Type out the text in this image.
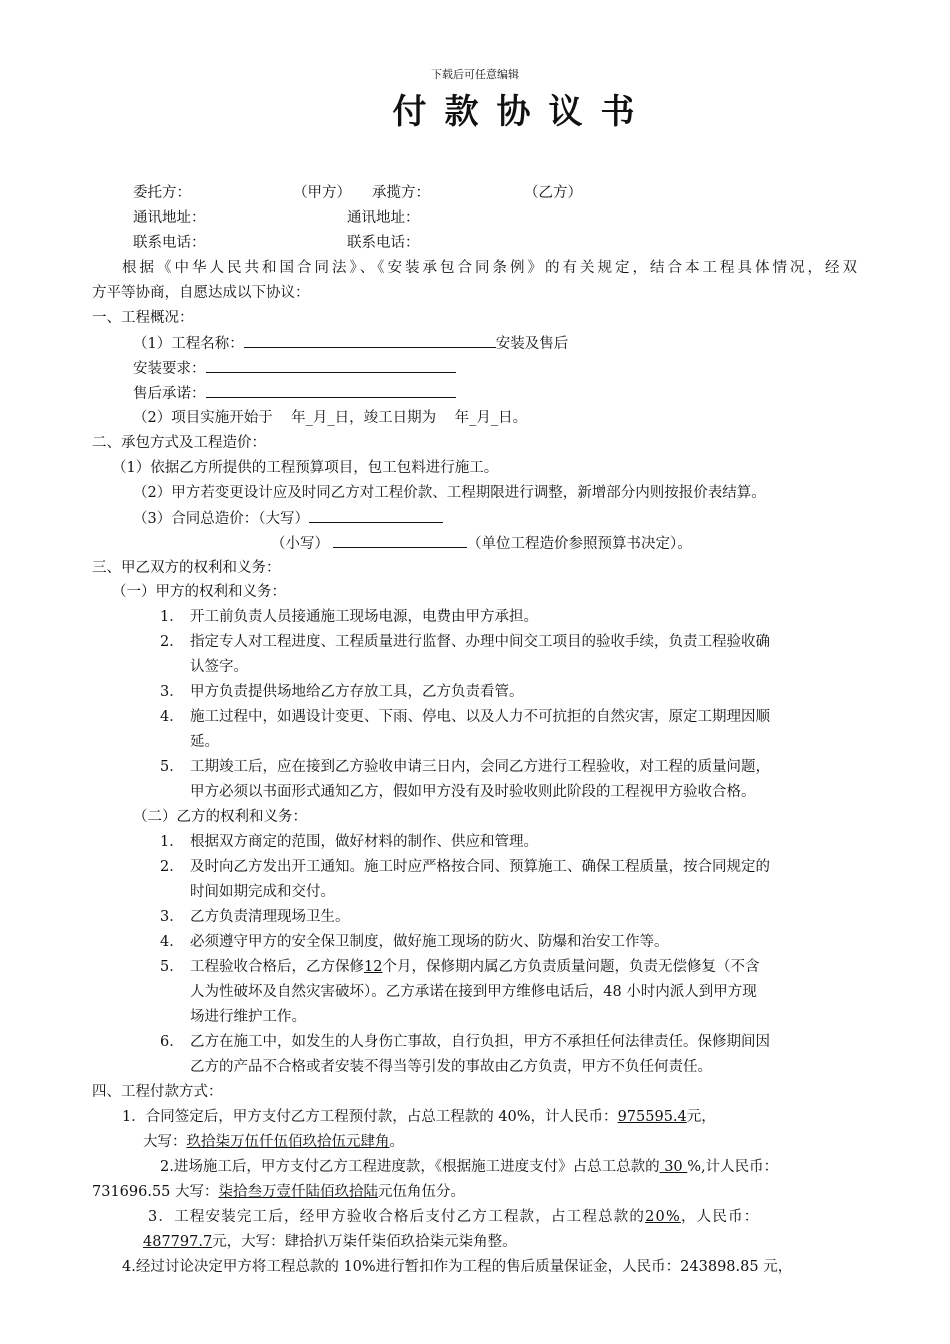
下载后可任意编辑
付款协议书
委托方：	（甲方） 承揽方：	（乙方）
通讯地址：	通讯地址：
联系电话：	联系电话：
根据《中华人民共和国合同法》、《安装承包合同条例》的有关规定，结合本工程具体情况，经双
方平等协商，自愿达成以下协议：
一、工程概况：
（1）工程名称：	安装及售后
安装要求：
售后承诺：
（2）项目实施开始于    年_月_日，竣工日期为    年_月_日。
二、承包方式及工程造价：
（1）依据乙方所提供的工程预算项目，包工包料进行施工。
（2）甲方若变更设计应及时同乙方对工程价款、工程期限进行调整，新增部分内则按报价表结算。
（3）合同总造价：（大写）
（小写）	（单位工程造价参照预算书决定）。
三、甲乙双方的权利和义务：
（一）甲方的权利和义务：
1． 开工前负责人员接通施工现场电源，电费由甲方承担。
2． 指定专人对工程进度、工程质量进行监督、办理中间交工项目的验收手续，负责工程验收确
认签字。
3． 甲方负责提供场地给乙方存放工具，乙方负责看管。
4． 施工过程中，如遇设计变更、下雨、停电、以及人力不可抗拒的自然灾害，原定工期理因顺
延。
5． 工期竣工后，应在接到乙方验收申请三日内，会同乙方进行工程验收，对工程的质量问题，
甲方必须以书面形式通知乙方，假如甲方没有及时验收则此阶段的工程视甲方验收合格。
（二）乙方的权利和义务：
1． 根据双方商定的范围，做好材料的制作、供应和管理。
2． 及时向乙方发出开工通知。施工时应严格按合同、预算施工、确保工程质量，按合同规定的
时间如期完成和交付。
3． 乙方负责清理现场卫生。
4． 必须遵守甲方的安全保卫制度，做好施工现场的防火、防爆和治安工作等。
5． 工程验收合格后，乙方保修12个月，保修期内属乙方负责质量问题，负责无偿修复（不含
人为性破坏及自然灾害破坏）。乙方承诺在接到甲方维修电话后，48 小时内派人到甲方现
场进行维护工作。
6． 乙方在施工中，如发生的人身伤亡事故，自行负担，甲方不承担任何法律责任。保修期间因
乙方的产品不合格或者安装不得当等引发的事故由乙方负责，甲方不负任何责任。
四、工程付款方式：
1．合同签定后，甲方支付乙方工程预付款，占总工程款的 40%，计人民币：975595.4元，
大写：玖拾柒万伍仟伍佰玖拾伍元肆角。
2.进场施工后，甲方支付乙方工程进度款，《根据施工进度支付》占总工总款的 30 %,计人民币：
731696.55 大写：柒拾叁万壹仟陆佰玖拾陆元伍角伍分。
3．工程安装完工后，经甲方验收合格后支付乙方工程款，占工程总款的20%，人民币：
487797.7元，大写：肆拾扒万柒仟柒佰玖拾柒元柒角整。
4.经过讨论决定甲方将工程总款的 10%进行暂扣作为工程的售后质量保证金，人民币：243898.85 元，
